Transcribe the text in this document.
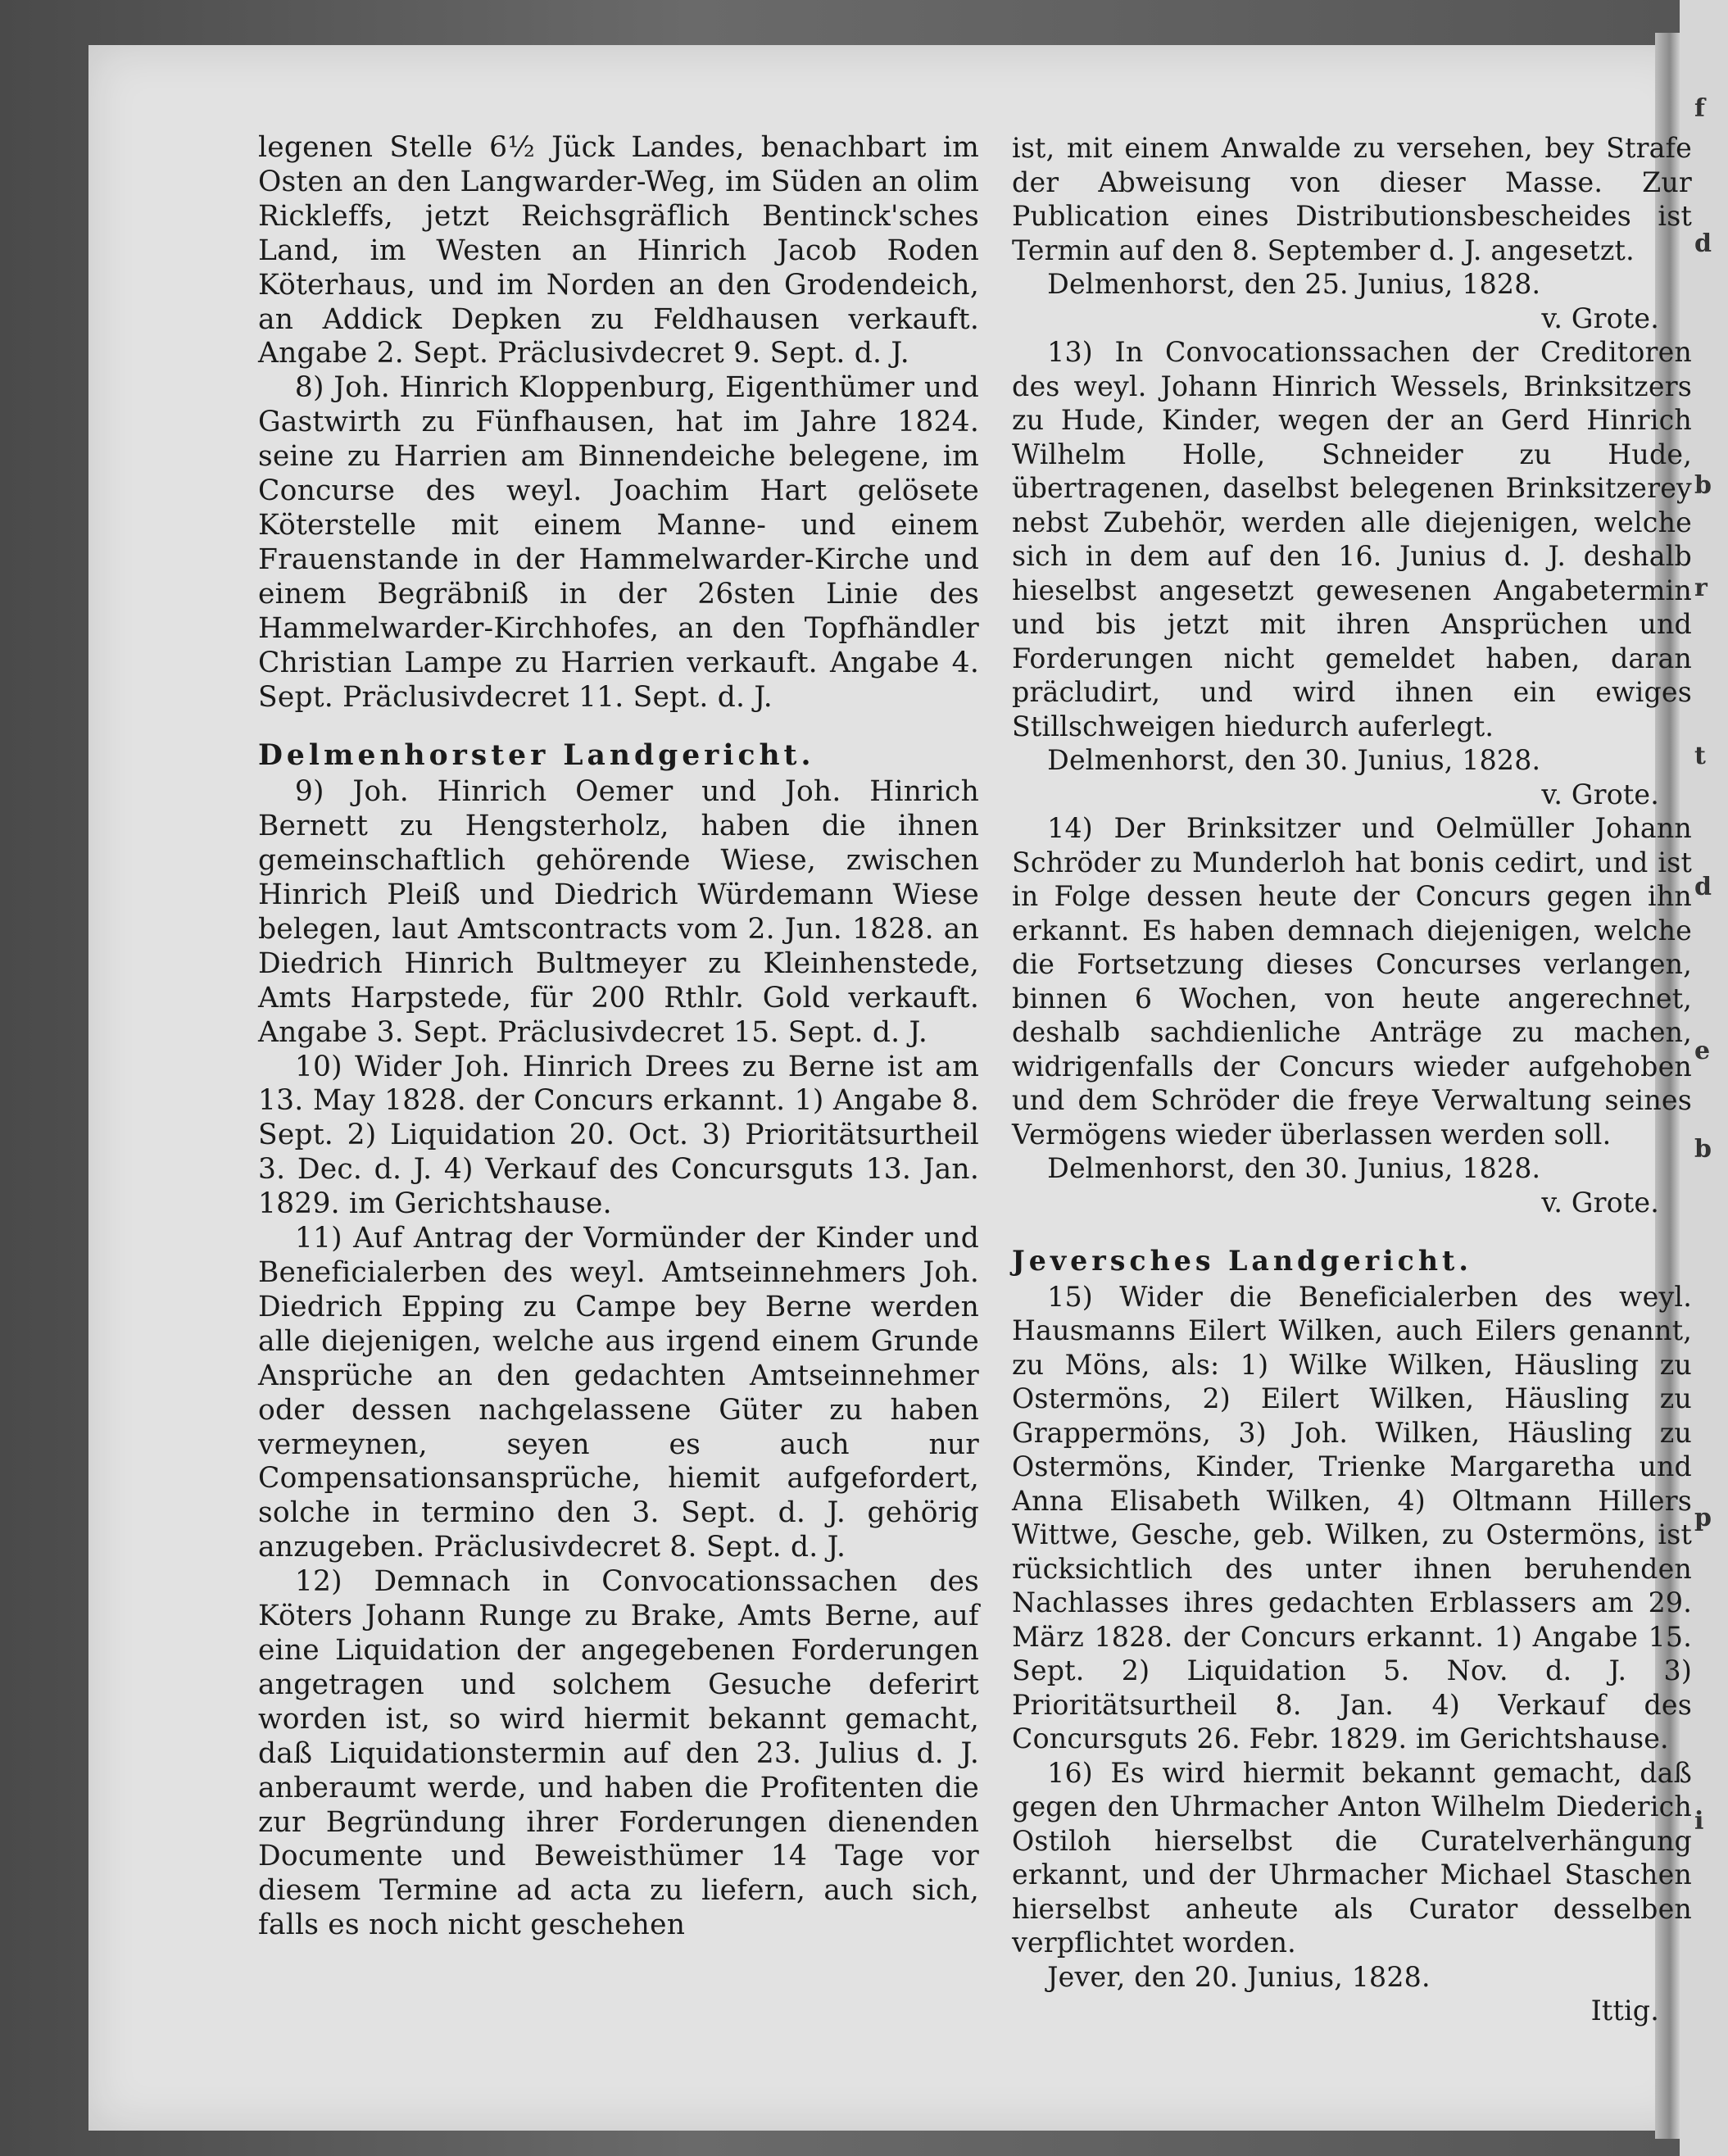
f
d
b
r
t
d
e
b
p
i

legenen Stelle 6½ Jück Landes, benachbart im Osten an den Langwarder-Weg, im Süden an olim Rickleffs, jetzt Reichsgräflich Bentinck'sches Land, im Westen an Hinrich Jacob Roden Köterhaus, und im Norden an den Grodendeich, an Addick Depken zu Feldhausen verkauft. Angabe 2. Sept. Präclusivdecret 9. Sept. d. J.

8) Joh. Hinrich Kloppenburg, Eigenthümer und Gastwirth zu Fünfhausen, hat im Jahre 1824. seine zu Harrien am Binnendeiche belegene, im Concurse des weyl. Joachim Hart gelösete Köterstelle mit einem Manne- und einem Frauenstande in der Hammelwarder-Kirche und einem Begräbniß in der 26sten Linie des Hammelwarder-Kirchhofes, an den Topfhändler Christian Lampe zu Harrien verkauft. Angabe 4. Sept. Präclusivdecret 11. Sept. d. J.

Delmenhorster Landgericht.

9) Joh. Hinrich Oemer und Joh. Hinrich Bernett zu Hengsterholz, haben die ihnen gemeinschaftlich gehörende Wiese, zwischen Hinrich Pleiß und Diedrich Würdemann Wiese belegen, laut Amtscontracts vom 2. Jun. 1828. an Diedrich Hinrich Bultmeyer zu Kleinhenstede, Amts Harpstede, für 200 Rthlr. Gold verkauft. Angabe 3. Sept. Präclusivdecret 15. Sept. d. J.

10) Wider Joh. Hinrich Drees zu Berne ist am 13. May 1828. der Concurs erkannt. 1) Angabe 8. Sept. 2) Liquidation 20. Oct. 3) Prioritätsurtheil 3. Dec. d. J. 4) Verkauf des Concursguts 13. Jan. 1829. im Gerichtshause.

11) Auf Antrag der Vormünder der Kinder und Beneficialerben des weyl. Amtseinnehmers Joh. Diedrich Epping zu Campe bey Berne werden alle diejenigen, welche aus irgend einem Grunde Ansprüche an den gedachten Amtseinnehmer oder dessen nachgelassene Güter zu haben vermeynen, seyen es auch nur Compensationsansprüche, hiemit aufgefordert, solche in termino den 3. Sept. d. J. gehörig anzugeben. Präclusivdecret 8. Sept. d. J.

12) Demnach in Convocationssachen des Köters Johann Runge zu Brake, Amts Berne, auf eine Liquidation der angegebenen Forderungen angetragen und solchem Gesuche deferirt worden ist, so wird hiermit bekannt gemacht, daß Liquidationstermin auf den 23. Julius d. J. anberaumt werde, und haben die Profitenten die zur Begründung ihrer Forderungen dienenden Documente und Beweisthümer 14 Tage vor diesem Termine ad acta zu liefern, auch sich, falls es noch nicht geschehen

ist, mit einem Anwalde zu versehen, bey Strafe der Abweisung von dieser Masse. Zur Publication eines Distributionsbescheides ist Termin auf den 8. September d. J. angesetzt.

Delmenhorst, den 25. Junius, 1828.

v. Grote.

13) In Convocationssachen der Creditoren des weyl. Johann Hinrich Wessels, Brinksitzers zu Hude, Kinder, wegen der an Gerd Hinrich Wilhelm Holle, Schneider zu Hude, übertragenen, daselbst belegenen Brinksitzerey nebst Zubehör, werden alle diejenigen, welche sich in dem auf den 16. Junius d. J. deshalb hieselbst angesetzt gewesenen Angabetermin und bis jetzt mit ihren Ansprüchen und Forderungen nicht gemeldet haben, daran präcludirt, und wird ihnen ein ewiges Stillschweigen hiedurch auferlegt.

Delmenhorst, den 30. Junius, 1828.

v. Grote.

14) Der Brinksitzer und Oelmüller Johann Schröder zu Munderloh hat bonis cedirt, und ist in Folge dessen heute der Concurs gegen ihn erkannt. Es haben demnach diejenigen, welche die Fortsetzung dieses Concurses verlangen, binnen 6 Wochen, von heute angerechnet, deshalb sachdienliche Anträge zu machen, widrigenfalls der Concurs wieder aufgehoben und dem Schröder die freye Verwaltung seines Vermögens wieder überlassen werden soll.

Delmenhorst, den 30. Junius, 1828.

v. Grote.

Jeversches Landgericht.

15) Wider die Beneficialerben des weyl. Hausmanns Eilert Wilken, auch Eilers genannt, zu Möns, als: 1) Wilke Wilken, Häusling zu Ostermöns, 2) Eilert Wilken, Häusling zu Grappermöns, 3) Joh. Wilken, Häusling zu Ostermöns, Kinder, Trienke Margaretha und Anna Elisabeth Wilken, 4) Oltmann Hillers Wittwe, Gesche, geb. Wilken, zu Ostermöns, ist rücksichtlich des unter ihnen beruhenden Nachlasses ihres gedachten Erblassers am 29. März 1828. der Concurs erkannt. 1) Angabe 15. Sept. 2) Liquidation 5. Nov. d. J. 3) Prioritätsurtheil 8. Jan. 4) Verkauf des Concursguts 26. Febr. 1829. im Gerichtshause.

16) Es wird hiermit bekannt gemacht, daß gegen den Uhrmacher Anton Wilhelm Diederich Ostiloh hierselbst die Curatelverhängung erkannt, und der Uhrmacher Michael Staschen hierselbst anheute als Curator desselben verpflichtet worden.

Jever, den 20. Junius, 1828.

Ittig.
